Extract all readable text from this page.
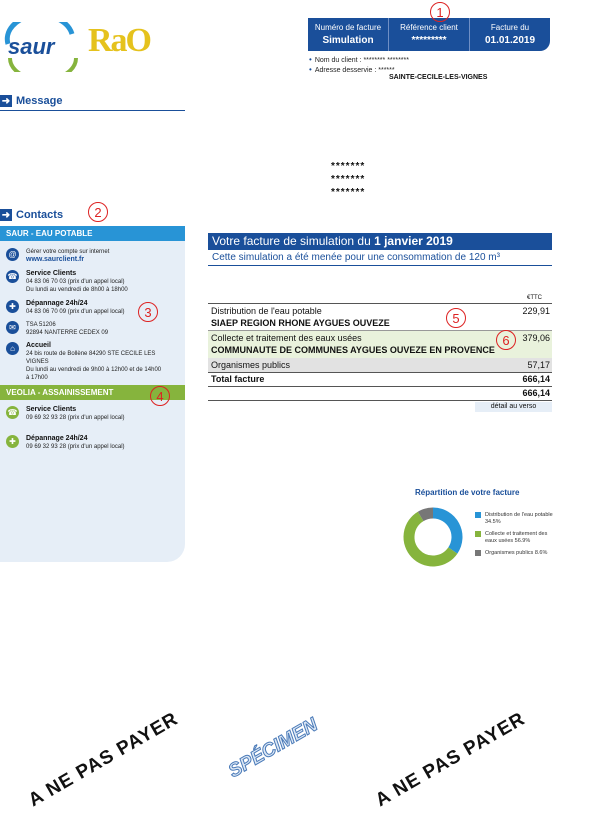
saur RaO	Numéro de facture
Simulation
Référence client
*********
Facture du
01.01.2019
• Nom du client : ******** ********
• Adresse desservie : ******
SAINTE-CECILE-LES-VIGNES
➜ Message
*******
*******
*******
➜ Contacts
SAUR - EAU POTABLE
@	Gérer votre compte sur internet
www.saurclient.fr
☎ Service Clients
04 83 06 70 03 (prix d'un appel local)
Du lundi au vendredi de 8h00 à 18h00
✚	Dépannage 24h/24
04 83 06 70 09 (prix d'un appel local)
✉	TSA 51206
92894 NANTERRE CEDEX 09
⌂	Accueil
24 bis route de Bollène 84290 STE CECILE LES
VIGNES
Du lundi au vendredi de 9h00 à 12h00 et de 14h00
à 17h00
VEOLIA - ASSAINISSEMENT
☎ Service Clients
09 69 32 93 28 (prix d'un appel local)
✚	Dépannage 24h/24
09 69 32 93 28 (prix d'un appel local)
Votre facture de simulation du 1 janvier 2019
Cette simulation a été menée pour une consommation de 120 m³
€TTC
Distribution de l'eau potable	229,91
SIAEP REGION RHONE AYGUES OUVEZE
Collecte et traitement des eaux usées	379,06
COMMUNAUTE DE COMMUNES AYGUES OUVEZE EN PROVENCE
Organismes publics	57,17
Total facture	666,14
666,14
détail au verso
Répartition de votre facture
Distribution de l'eau potable
34.5%
Collecte et traitement des
eaux usées 56.9%
Organismes publics 8.6%
1
2
3
4
5
6
A NE PAS PAYER SPÉCIMEN	A NE PAS PAYER
